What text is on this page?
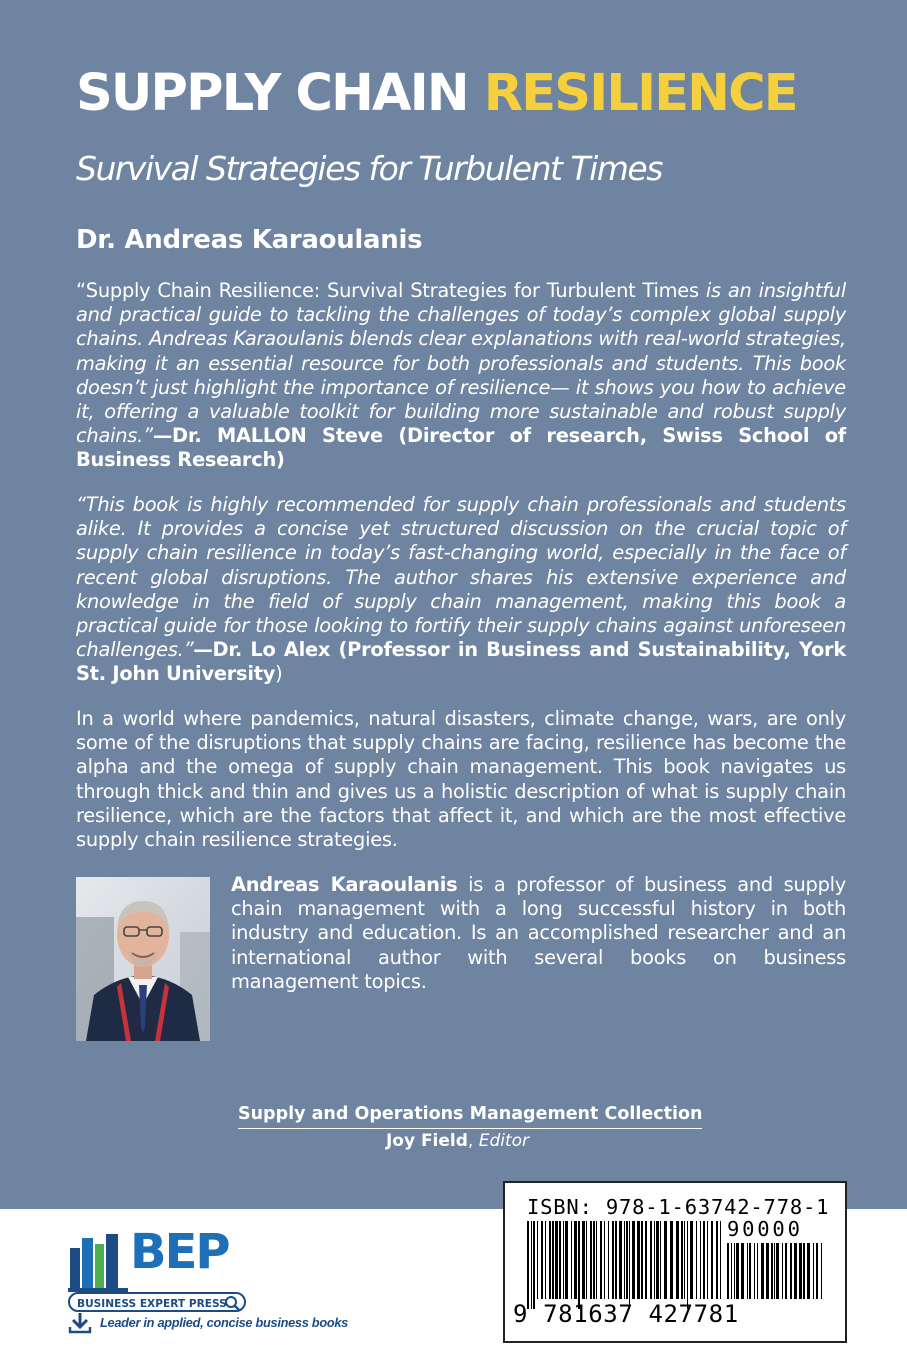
SUPPLY CHAIN RESILIENCE
Survival Strategies for Turbulent Times
Dr. Andreas Karaoulanis
“Supply Chain Resilience: Survival Strategies for Turbulent Times is an insightful and practical guide to tackling the challenges of today’s complex global supply chains. Andreas Karaoulanis blends clear explanations with real-world strategies, making it an essential resource for both professionals and students. This book doesn’t just highlight the importance of resilience— it shows you how to achieve it, offering a valuable toolkit for building more sustainable and robust supply chains.”—Dr. MALLON Steve (Director of research, Swiss School of Business Research)
“This book is highly recommended for supply chain professionals and students alike. It provides a concise yet structured discussion on the crucial topic of supply chain resilience in today’s fast-changing world, especially in the face of recent global disruptions. The author shares his extensive experience and knowledge in the field of supply chain management, making this book a practical guide for those looking to fortify their supply chains against unforeseen challenges.”—Dr. Lo Alex (Professor in Business and Sustainability, York St. John University)
In a world where pandemics, natural disasters, climate change, wars, are only some of the disruptions that supply chains are facing, resilience has become the alpha and the omega of supply chain management. This book navigates us through thick and thin and gives us a holistic description of what is supply chain resilience, which are the factors that affect it, and which are the most effective supply chain resilience strategies.
Andreas Karaoulanis is a professor of business and supply chain management with a long successful history in both industry and education. Is an accomplished researcher and an international author with several books on business management topics.
Supply and Operations Management Collection
Joy Field, Editor
ISBN: 978-1-63742-778-1
90000
9 781637 427781
BEP
BUSINESS EXPERT PRESS
Leader in applied, concise business books
